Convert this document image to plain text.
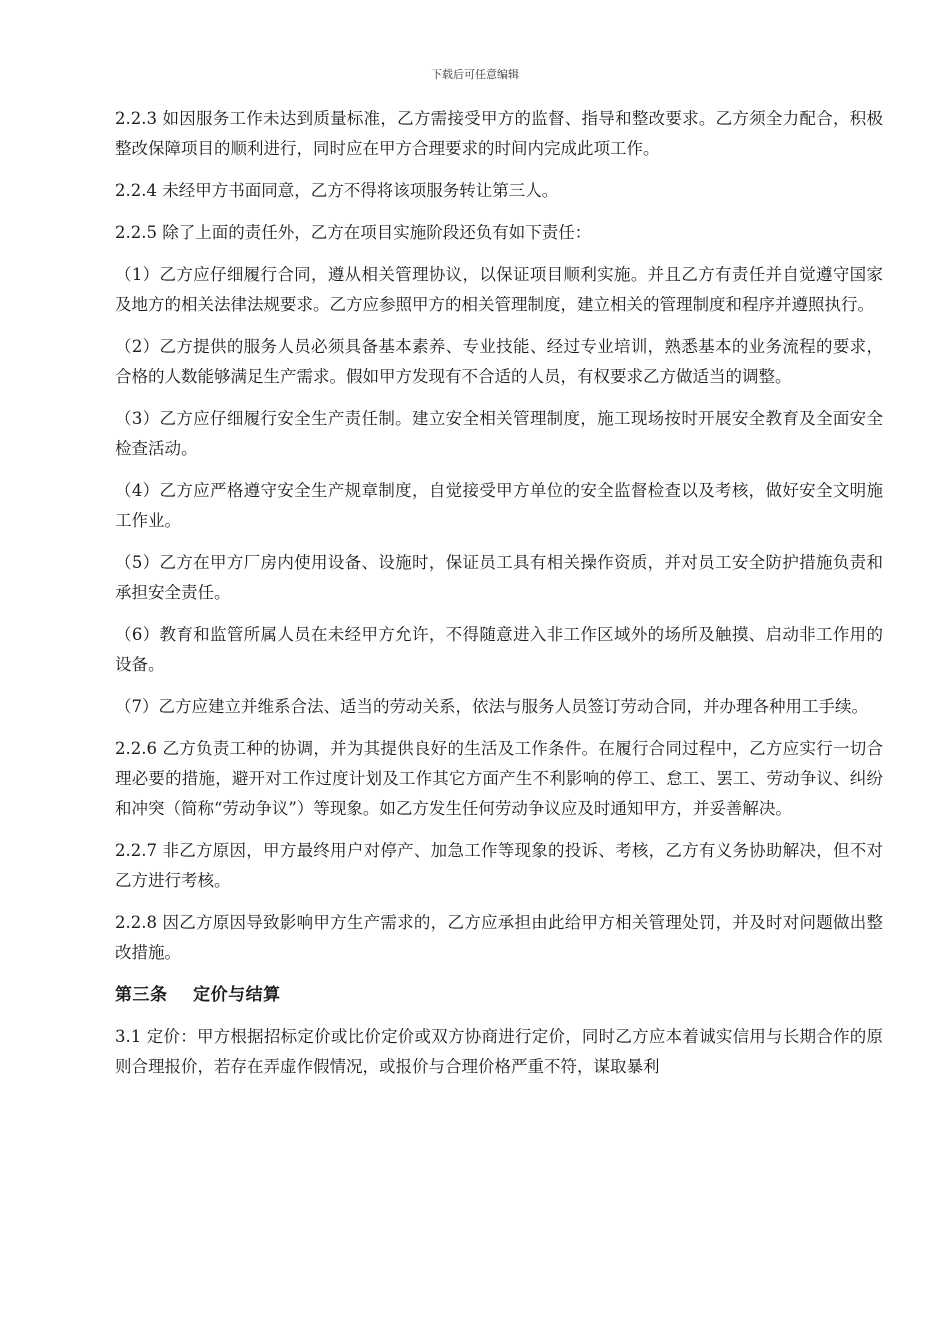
下载后可任意编辑

2.2.3 如因服务工作未达到质量标准，乙方需接受甲方的监督、指导和整改要求。乙方须全力配合，积极整改保障项目的顺利进行，同时应在甲方合理要求的时间内完成此项工作。

2.2.4 未经甲方书面同意，乙方不得将该项服务转让第三人。

2.2.5 除了上面的责任外，乙方在项目实施阶段还负有如下责任：

（1）乙方应仔细履行合同，遵从相关管理协议，以保证项目顺利实施。并且乙方有责任并自觉遵守国家及地方的相关法律法规要求。乙方应参照甲方的相关管理制度，建立相关的管理制度和程序并遵照执行。

（2）乙方提供的服务人员必须具备基本素养、专业技能、经过专业培训，熟悉基本的业务流程的要求，合格的人数能够满足生产需求。假如甲方发现有不合适的人员，有权要求乙方做适当的调整。

（3）乙方应仔细履行安全生产责任制。建立安全相关管理制度，施工现场按时开展安全教育及全面安全检查活动。

（4）乙方应严格遵守安全生产规章制度，自觉接受甲方单位的安全监督检查以及考核，做好安全文明施工作业。

（5）乙方在甲方厂房内使用设备、设施时，保证员工具有相关操作资质，并对员工安全防护措施负责和承担安全责任。

（6）教育和监管所属人员在未经甲方允许，不得随意进入非工作区域外的场所及触摸、启动非工作用的设备。

（7）乙方应建立并维系合法、适当的劳动关系，依法与服务人员签订劳动合同，并办理各种用工手续。

2.2.6 乙方负责工种的协调，并为其提供良好的生活及工作条件。在履行合同过程中，乙方应实行一切合理必要的措施，避开对工作过度计划及工作其它方面产生不利影响的停工、怠工、罢工、劳动争议、纠纷和冲突（简称“劳动争议”）等现象。如乙方发生任何劳动争议应及时通知甲方，并妥善解决。

2.2.7 非乙方原因，甲方最终用户对停产、加急工作等现象的投诉、考核，乙方有义务协助解决，但不对乙方进行考核。

2.2.8 因乙方原因导致影响甲方生产需求的，乙方应承担由此给甲方相关管理处罚，并及时对问题做出整改措施。

第三条    定价与结算

3.1 定价：甲方根据招标定价或比价定价或双方协商进行定价，同时乙方应本着诚实信用与长期合作的原则合理报价，若存在弄虚作假情况，或报价与合理价格严重不符，谋取暴利
